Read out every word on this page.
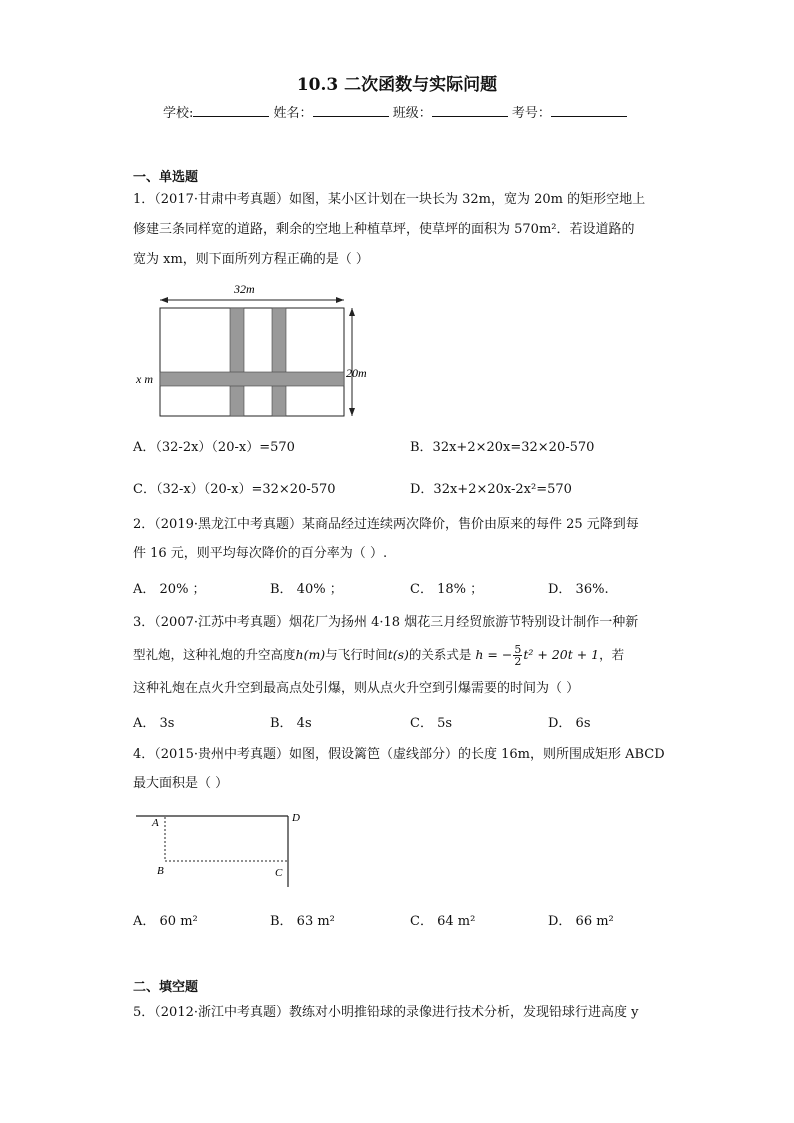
10.3 二次函数与实际问题
学校:	姓名：	班级：	考号：
一、单选题
1．（2017·甘肃中考真题）如图，某小区计划在一块长为 32m，宽为 20m 的矩形空地上
修建三条同样宽的道路，剩余的空地上种植草坪，使草坪的面积为 570m²．若设道路的
宽为 xm，则下面所列方程正确的是（ ）
32m
20m
x m
A．（32-2x）（20-x）=570	B．32x+2×20x=32×20-570
C．（32-x）（20-x）=32×20-570	D．32x+2×20x-2x²=570
2．（2019·黑龙江中考真题）某商品经过连续两次降价，售价由原来的每件 25 元降到每
件 16 元，则平均每次降价的百分率为（ ）.
A． 20% ；	B． 40% ；	C． 18% ；	D． 36%.
3．（2007·江苏中考真题）烟花厂为扬州 4·18 烟花三月经贸旅游节特别设计制作一种新
型礼炮，这种礼炮的升空高度h(m)与飞行时间t(s)的关系式是 h = − $\frac{5}{2} t^2 + 20t + 1$，若
这种礼炮在点火升空到最高点处引爆，则从点火升空到引爆需要的时间为（ ）
A． 3s	B． 4s	C． 5s	D． 6s
4．（2015·贵州中考真题）如图，假设篱笆（虚线部分）的长度 16m，则所围成矩形 ABCD
最大面积是（ ）
A	D
B	C
A． 60 m²	B． 63 m²	C． 64 m²	D． 66 m²
二、填空题
5．（2012·浙江中考真题）教练对小明推铅球的录像进行技术分析，发现铅球行进高度 y
